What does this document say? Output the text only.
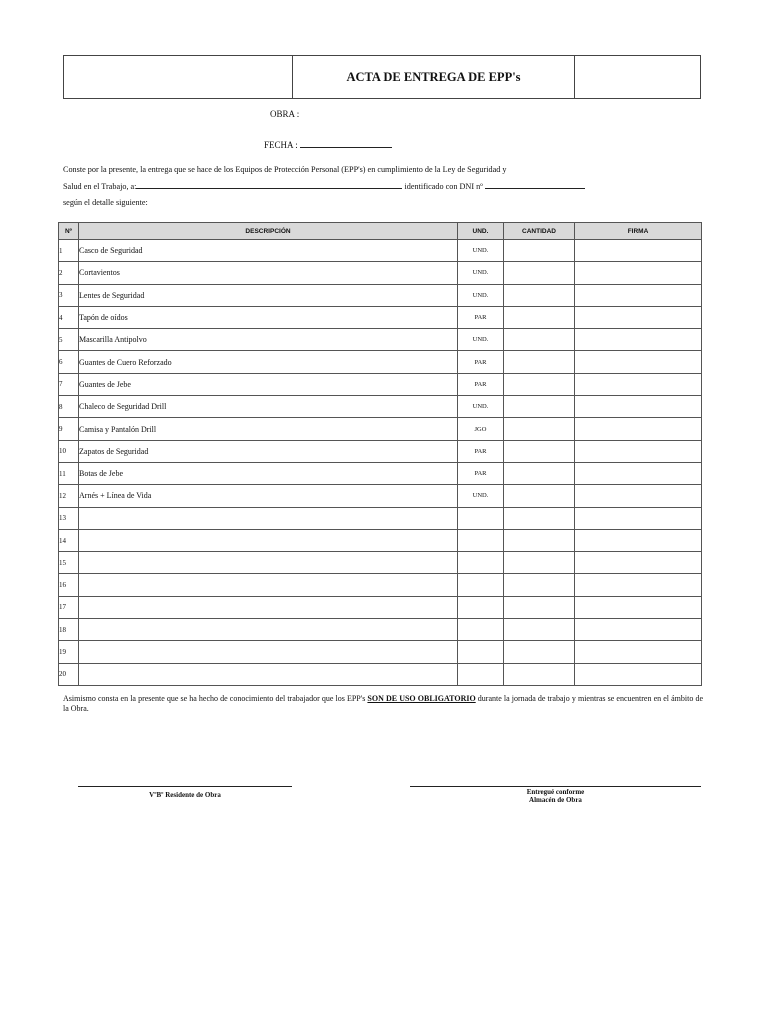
ACTA DE ENTREGA DE EPP's
OBRA :
FECHA :
Conste por la presente, la entrega que se hace de los Equipos de Protección Personal (EPP's) en cumplimiento de la Ley de Seguridad y
Salud en el Trabajo, a:	identificado con DNI nº
según el detalle siguiente:
Nº	DESCRIPCIÓN	UND.	CANTIDAD	FIRMA
1	Casco de Seguridad	UND.		
2	Cortavientos	UND.		
3	Lentes de Seguridad	UND.		
4	Tapón de oídos	PAR		
5	Mascarilla Antipolvo	UND.		
6	Guantes de Cuero Reforzado	PAR		
7	Guantes de Jebe	PAR		
8	Chaleco de Seguridad Drill	UND.		
9	Camisa y Pantalón Drill	JGO		
10	Zapatos de Seguridad	PAR		
11	Botas de Jebe	PAR		
12	Arnés + Línea de Vida	UND.		
13				
14				
15				
16				
17				
18				
19				
20				
Asimismo consta en la presente que se ha hecho de conocimiento del trabajador que los EPP's SON DE USO OBLIGATORIO durante la jornada de trabajo y mientras se encuentren en el ámbito de la Obra.
VºBº Residente de Obra	Entregué conforme
Almacén de Obra
